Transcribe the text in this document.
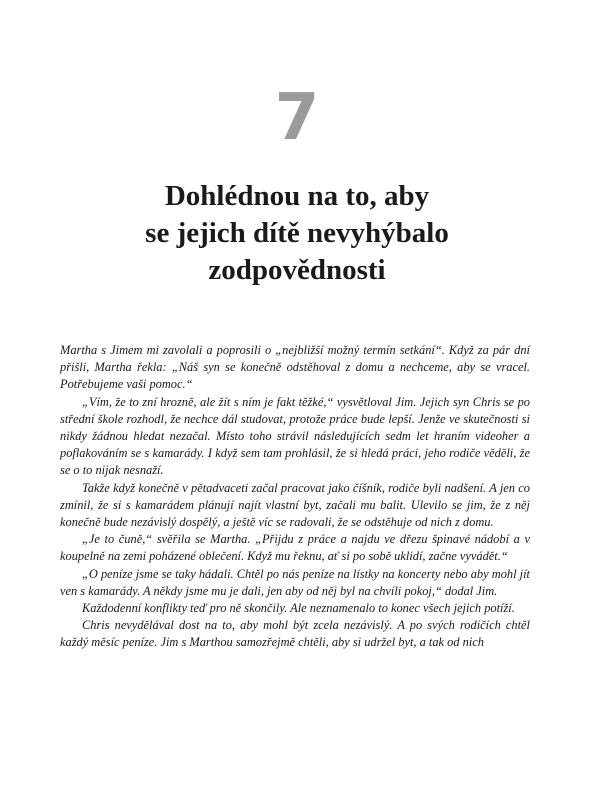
7
Dohlédnou na to, aby
se jejich dítě nevyhýbalo
zodpovědnosti

Martha s Jimem mi zavolali a poprosili o „nejbližší možný termín setkání“. Když za pár dní přišli, Martha řekla: „Náš syn se konečně odstěhoval z domu a nechceme, aby se vracel. Potřebujeme vaši pomoc.“

„Vím, že to zní hrozně, ale žít s ním je fakt těžké,“ vysvětloval Jim. Jejich syn Chris se po střední škole rozhodl, že nechce dál studovat, protože práce bude lepší. Jenže ve skutečnosti si nikdy žádnou hledat nezačal. Místo toho strávil následujících sedm let hraním videoher a poflakováním se s kamarády. I když sem tam prohlásil, že si hledá práci, jeho rodiče věděli, že se o to nijak nesnaží.

Takže když konečně v pětadvaceti začal pracovat jako číšník, rodiče byli nadšení. A jen co zmínil, že si s kamarádem plánují najít vlastní byt, začali mu balit. Ulevilo se jim, že z něj konečně bude nezávislý dospělý, a ještě víc se radovali, že se odstěhuje od nich z domu.

„Je to čuně,“ svěřila se Martha. „Přijdu z práce a najdu ve dřezu špinavé nádobí a v koupelně na zemi poházené oblečení. Když mu řeknu, ať si po sobě uklidí, začne vyvádět.“

„O peníze jsme se taky hádali. Chtěl po nás peníze na lístky na koncerty nebo aby mohl jít ven s kamarády. A někdy jsme mu je dali, jen aby od něj byl na chvíli pokoj,“ dodal Jim.

Každodenní konflikty teď pro ně skončily. Ale neznamenalo to konec všech jejich potíží.

Chris nevydělával dost na to, aby mohl být zcela nezávislý. A po svých rodičích chtěl každý měsíc peníze. Jim s Marthou samozřejmě chtěli, aby si udržel byt, a tak od nich
